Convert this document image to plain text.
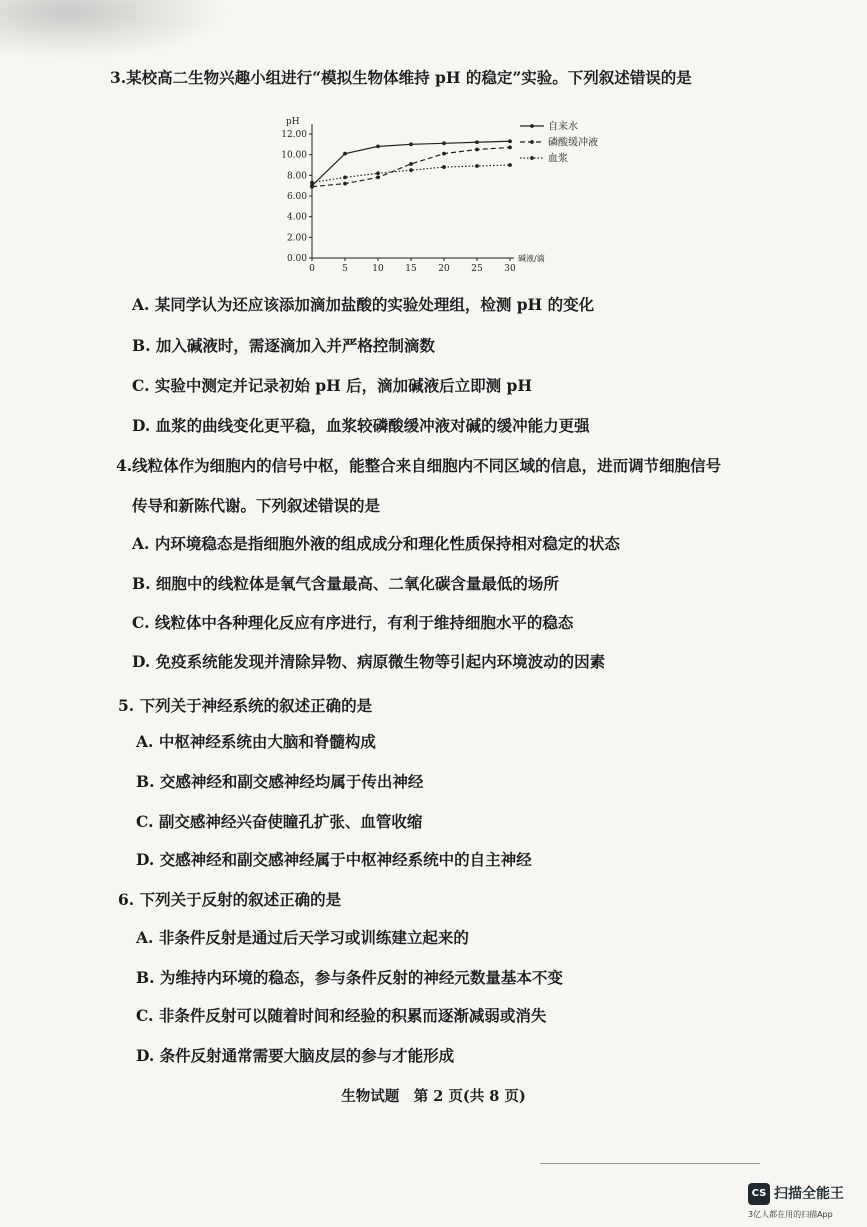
3.某校高二生物兴趣小组进行“模拟生物体维持 pH 的稳定”实验。下列叙述错误的是
pH
碱液/滴
0.00
2.00
4.00
6.00
8.00
10.00
12.00
0	5	10 15 20 25 30
自来水
磷酸缓冲液
血浆
A. 某同学认为还应该添加滴加盐酸的实验处理组，检测 pH 的变化
B. 加入碱液时，需逐滴加入并严格控制滴数
C. 实验中测定并记录初始 pH 后，滴加碱液后立即测 pH
D. 血浆的曲线变化更平稳，血浆较磷酸缓冲液对碱的缓冲能力更强
4.线粒体作为细胞内的信号中枢，能整合来自细胞内不同区域的信息，进而调节细胞信号
传导和新陈代谢。下列叙述错误的是
A. 内环境稳态是指细胞外液的组成成分和理化性质保持相对稳定的状态
B. 细胞中的线粒体是氧气含量最高、二氧化碳含量最低的场所
C. 线粒体中各种理化反应有序进行，有利于维持细胞水平的稳态
D. 免疫系统能发现并清除异物、病原微生物等引起内环境波动的因素
5. 下列关于神经系统的叙述正确的是
A. 中枢神经系统由大脑和脊髓构成
B. 交感神经和副交感神经均属于传出神经
C. 副交感神经兴奋使瞳孔扩张、血管收缩
D. 交感神经和副交感神经属于中枢神经系统中的自主神经
6. 下列关于反射的叙述正确的是
A. 非条件反射是通过后天学习或训练建立起来的
B. 为维持内环境的稳态，参与条件反射的神经元数量基本不变
C. 非条件反射可以随着时间和经验的积累而逐渐减弱或消失
D. 条件反射通常需要大脑皮层的参与才能形成
生物试题　第 2 页(共 8 页)
CS 扫描全能王
3亿人都在用的扫描App
